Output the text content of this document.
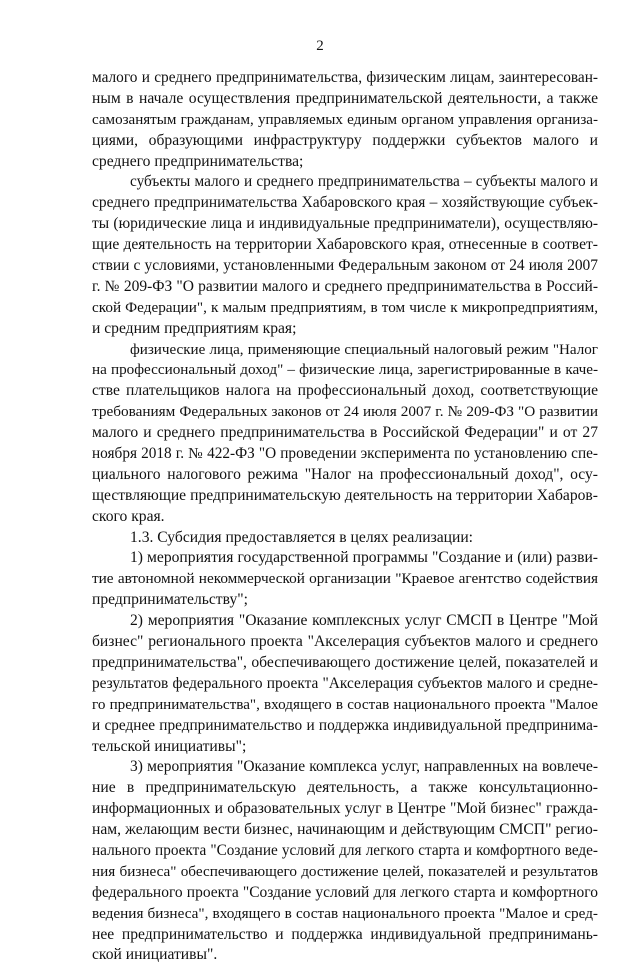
2
малого и среднего предпринимательства, физическим лицам, заинтересован-
ным в начале осуществления предпринимательской деятельности, а также
самозанятым гражданам, управляемых единым органом управления организа-
циями, образующими инфраструктуру поддержки субъектов малого и
среднего предпринимательства;
субъекты малого и среднего предпринимательства – субъекты малого и
среднего предпринимательства Хабаровского края – хозяйствующие субъек-
ты (юридические лица и индивидуальные предприниматели), осуществляю-
щие деятельность на территории Хабаровского края, отнесенные в соответ-
ствии с условиями, установленными Федеральным законом от 24 июля 2007
г. № 209-ФЗ "О развитии малого и среднего предпринимательства в Россий-
ской Федерации", к малым предприятиям, в том числе к микропредприятиям,
и средним предприятиям края;
физические лица, применяющие специальный налоговый режим "Налог
на профессиональный доход" – физические лица, зарегистрированные в каче-
стве плательщиков налога на профессиональный доход, соответствующие
требованиям Федеральных законов от 24 июля 2007 г. № 209-ФЗ "О развитии
малого и среднего предпринимательства в Российской Федерации" и от 27
ноября 2018 г. № 422-ФЗ "О проведении эксперимента по установлению спе-
циального налогового режима "Налог на профессиональный доход", осу-
ществляющие предпринимательскую деятельность на территории Хабаров-
ского края.
1.3. Субсидия предоставляется в целях реализации:
1) мероприятия государственной программы "Создание и (или) разви-
тие автономной некоммерческой организации "Краевое агентство содействия
предпринимательству";
2) мероприятия "Оказание комплексных услуг СМСП в Центре "Мой
бизнес" регионального проекта "Акселерация субъектов малого и среднего
предпринимательства", обеспечивающего достижение целей, показателей и
результатов федерального проекта "Акселерация субъектов малого и средне-
го предпринимательства", входящего в состав национального проекта "Малое
и среднее предпринимательство и поддержка индивидуальной предпринима-
тельской инициативы";
3) мероприятия "Оказание комплекса услуг, направленных на вовлече-
ние в предпринимательскую деятельность, а также консультационно-
информационных и образовательных услуг в Центре "Мой бизнес" гражда-
нам, желающим вести бизнес, начинающим и действующим СМСП" регио-
нального проекта "Создание условий для легкого старта и комфортного веде-
ния бизнеса" обеспечивающего достижение целей, показателей и результатов
федерального проекта "Создание условий для легкого старта и комфортного
ведения бизнеса", входящего в состав национального проекта "Малое и сред-
нее предпринимательство и поддержка индивидуальной предпринимань-
ской инициативы".
